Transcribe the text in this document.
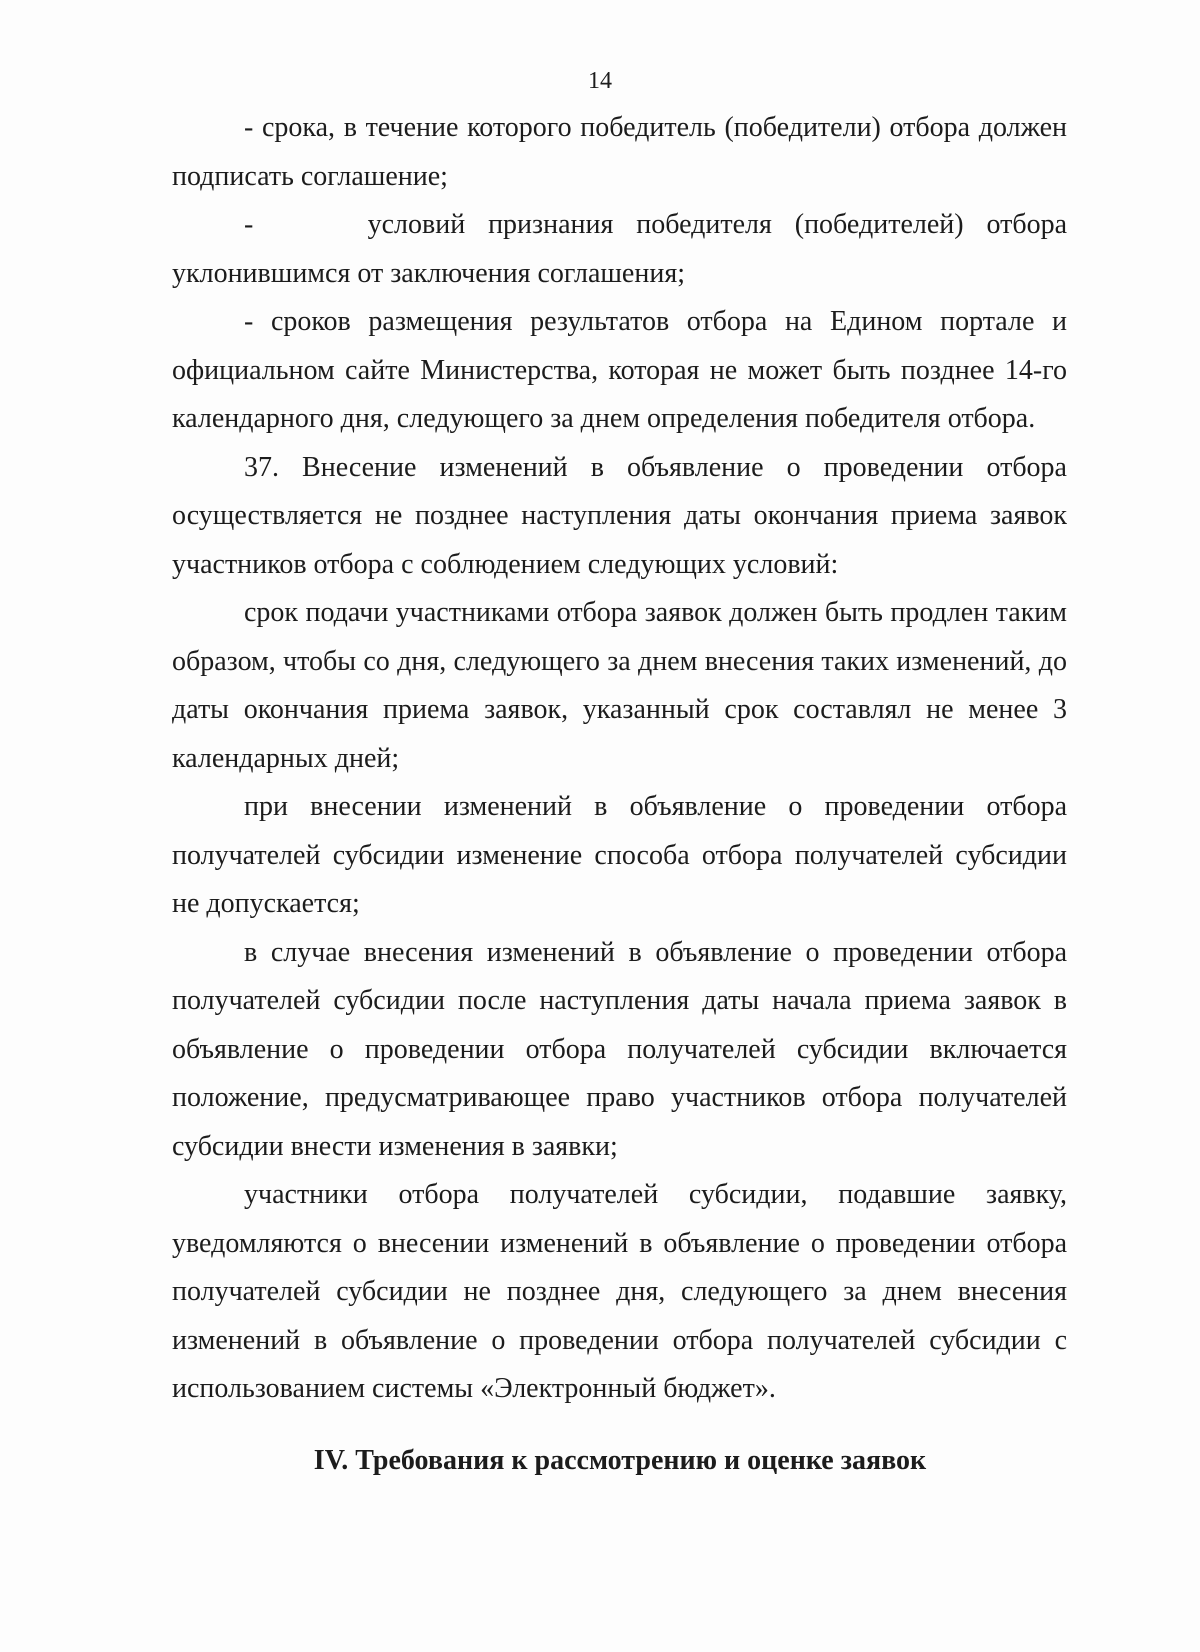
14

- срока, в течение которого победитель (победители) отбора должен подписать соглашение;

-     условий признания победителя (победителей) отбора уклонившимся от заключения соглашения;

- сроков размещения результатов отбора на Едином портале и официальном сайте Министерства, которая не может быть позднее 14-го календарного дня, следующего за днем определения победителя отбора.

37. Внесение изменений в объявление о проведении отбора осуществляется не позднее наступления даты окончания приема заявок участников отбора с соблюдением следующих условий:

срок подачи участниками отбора заявок должен быть продлен таким образом, чтобы со дня, следующего за днем внесения таких изменений, до даты окончания приема заявок, указанный срок составлял не менее 3 календарных дней;

при внесении изменений в объявление о проведении отбора получателей субсидии изменение способа отбора получателей субсидии не допускается;

в случае внесения изменений в объявление о проведении отбора получателей субсидии после наступления даты начала приема заявок в объявление о проведении отбора получателей субсидии включается положение, предусматривающее право участников отбора получателей субсидии внести изменения в заявки;

участники отбора получателей субсидии, подавшие заявку, уведомляются о внесении изменений в объявление о проведении отбора получателей субсидии не позднее дня, следующего за днем внесения изменений в объявление о проведении отбора получателей субсидии с использованием системы «Электронный бюджет».

IV. Требования к рассмотрению и оценке заявок
